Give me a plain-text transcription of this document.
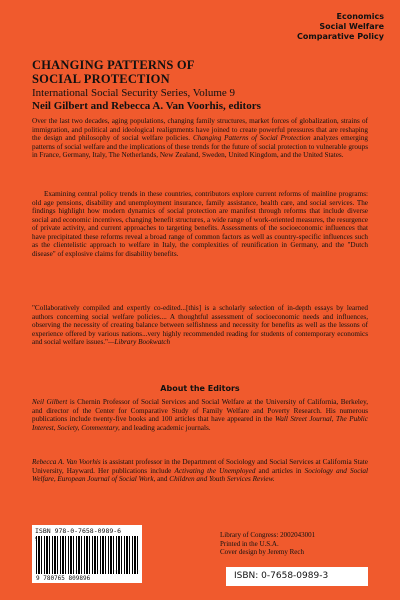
Economics
Social Welfare
Comparative Policy
CHANGING PATTERNS OF
SOCIAL PROTECTION
International Social Security Series, Volume 9
Neil Gilbert and Rebecca A. Van Voorhis, editors
Over the last two decades, aging populations, changing family structures, market forces of globalization, strains of immigration, and political and ideological realignments have joined to create powerful pressures that are reshaping the design and philosophy of social welfare policies. Changing Patterns of Social Protection analyzes emerging patterns of social welfare and the implications of these trends for the future of social protection to vulnerable groups in France, Germany, Italy, The Netherlands, New Zealand, Sweden, United Kingdom, and the United States.
Examining central policy trends in these countries, contributors explore current reforms of mainline programs: old age pensions, disability and unemployment insurance, family assistance, health care, and social services. The findings highlight how modern dynamics of social protection are manifest through reforms that include diverse social and economic incentives, changing benefit structures, a wide range of work-oriented measures, the resurgence of private activity, and current approaches to targeting benefits. Assessments of the socioeconomic influences that have precipitated these reforms reveal a broad range of common factors as well as country-specific influences such as the clientelistic approach to welfare in Italy, the complexities of reunification in Germany, and the "Dutch disease" of explosive claims for disability benefits.
"Collaboratively compiled and expertly co-edited...[this] is a scholarly selection of in-depth essays by learned authors concerning social welfare policies.... A thoughtful assessment of socioeconomic needs and influences, observing the necessity of creating balance between selfishness and necessity for benefits as well as the lessons of experience offered by various nations...very highly recommended reading for students of contemporary economics and social welfare issues."—Library Bookwatch
About the Editors
Neil Gilbert is Chernin Professor of Social Services and Social Welfare at the University of California, Berkeley, and director of the Center for Comparative Study of Family Welfare and Poverty Research. His numerous publications include twenty-five books and 100 articles that have appeared in the Wall Street Journal, The Public Interest, Society, Commentary, and leading academic journals.
Rebecca A. Van Voorhis is assistant professor in the Department of Sociology and Social Services at California State University, Hayward. Her publications include Activating the Unemployed and articles in Sociology and Social Welfare, European Journal of Social Work, and Children and Youth Services Review.
ISBN 978-0-7658-0989-6
9 780765 809896
Library of Congress: 2002043001
Printed in the U.S.A.
Cover design by Jeremy Rech
ISBN: 0-7658-0989-3
